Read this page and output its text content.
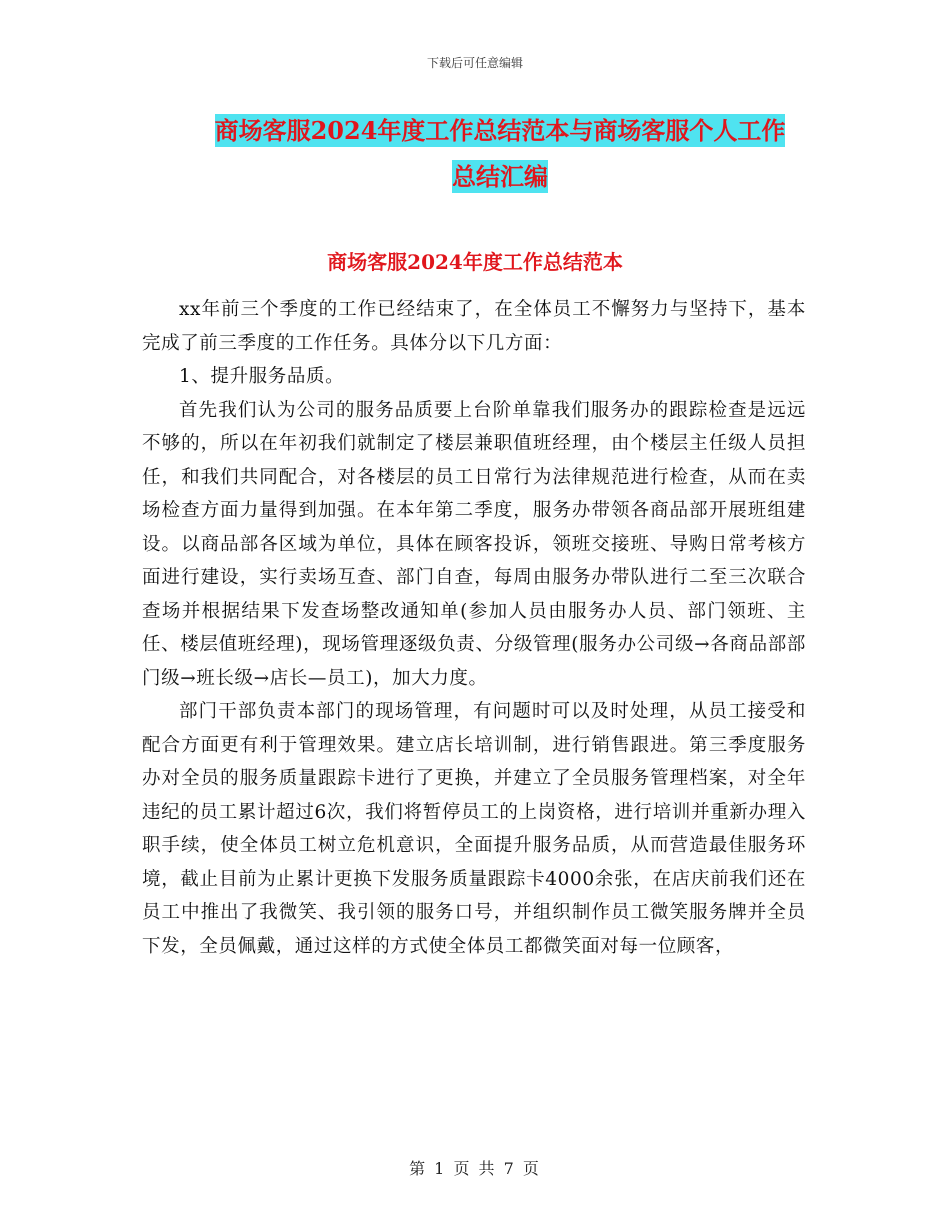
下载后可任意编辑
商场客服2024年度工作总结范本与商场客服个人工作
总结汇编
商场客服2024年度工作总结范本

xx年前三个季度的工作已经结束了，在全体员工不懈努力与坚持下，基本完成了前三季度的工作任务。具体分以下几方面：

1、提升服务品质。

首先我们认为公司的服务品质要上台阶单靠我们服务办的跟踪检查是远远不够的，所以在年初我们就制定了楼层兼职值班经理，由个楼层主任级人员担任，和我们共同配合，对各楼层的员工日常行为法律规范进行检查，从而在卖场检查方面力量得到加强。在本年第二季度，服务办带领各商品部开展班组建设。以商品部各区域为单位，具体在顾客投诉，领班交接班、导购日常考核方面进行建设，实行卖场互查、部门自查，每周由服务办带队进行二至三次联合查场并根据结果下发查场整改通知单(参加人员由服务办人员、部门领班、主任、楼层值班经理)，现场管理逐级负责、分级管理(服务办公司级→各商品部部门级→班长级→店长—员工)，加大力度。

部门干部负责本部门的现场管理，有问题时可以及时处理，从员工接受和配合方面更有利于管理效果。建立店长培训制，进行销售跟进。第三季度服务办对全员的服务质量跟踪卡进行了更换，并建立了全员服务管理档案，对全年违纪的员工累计超过6次，我们将暂停员工的上岗资格，进行培训并重新办理入职手续，使全体员工树立危机意识，全面提升服务品质，从而营造最佳服务环境，截止目前为止累计更换下发服务质量跟踪卡4000余张，在店庆前我们还在员工中推出了我微笑、我引领的服务口号，并组织制作员工微笑服务牌并全员下发，全员佩戴，通过这样的方式使全体员工都微笑面对每一位顾客，

第 1 页 共 7 页
